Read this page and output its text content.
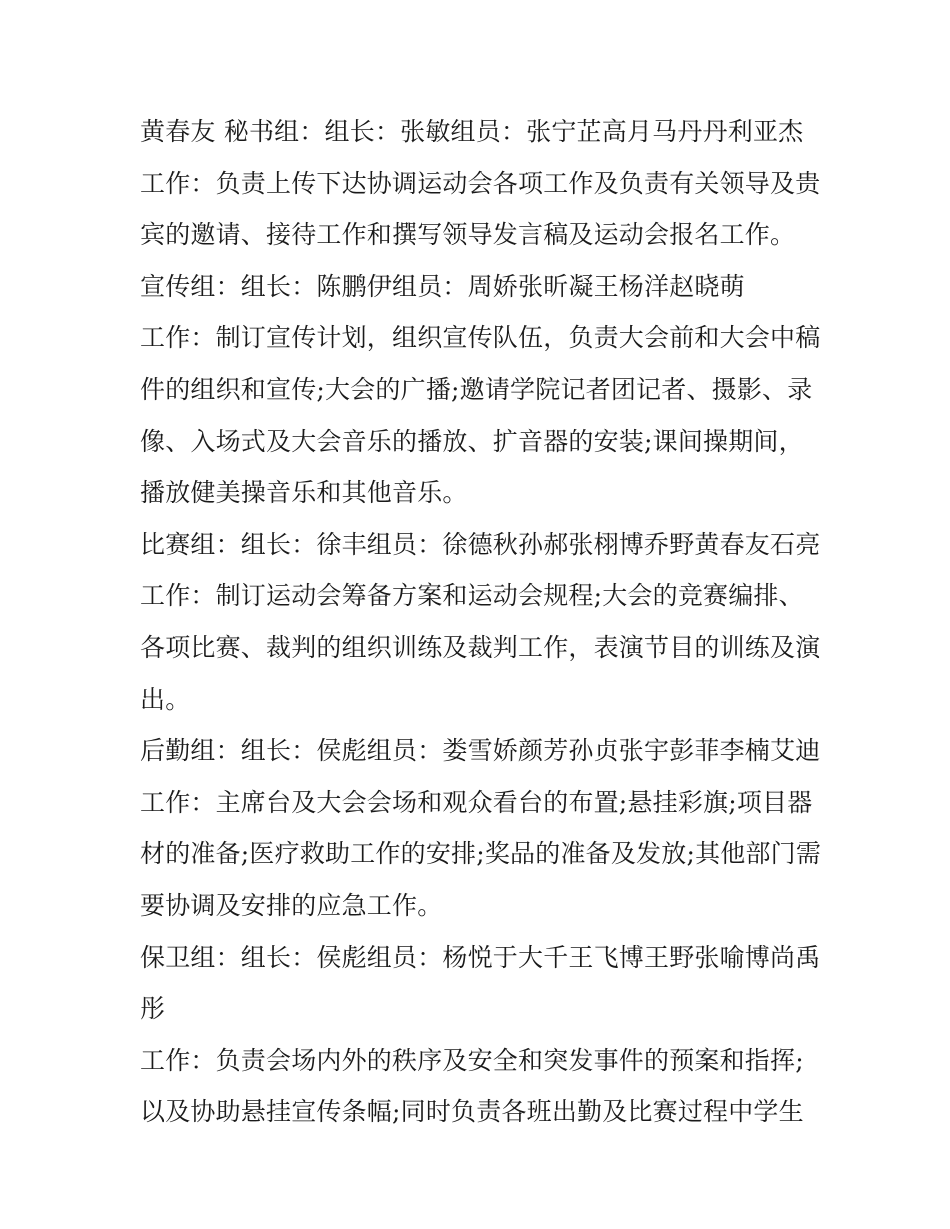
黄春友 秘书组：组长：张敏组员：张宁芷高月马丹丹利亚杰
工作：负责上传下达协调运动会各项工作及负责有关领导及贵
宾的邀请、接待工作和撰写领导发言稿及运动会报名工作。
宣传组：组长：陈鹏伊组员：周娇张昕凝王杨洋赵晓萌
工作：制订宣传计划，组织宣传队伍，负责大会前和大会中稿
件的组织和宣传;大会的广播;邀请学院记者团记者、摄影、录
像、入场式及大会音乐的播放、扩音器的安装;课间操期间，
播放健美操音乐和其他音乐。
比赛组：组长：徐丰组员：徐德秋孙郝张栩博乔野黄春友石亮
工作：制订运动会筹备方案和运动会规程;大会的竞赛编排、
各项比赛、裁判的组织训练及裁判工作，表演节目的训练及演
出。
后勤组：组长：侯彪组员：娄雪娇颜芳孙贞张宇彭菲李楠艾迪
工作：主席台及大会会场和观众看台的布置;悬挂彩旗;项目器
材的准备;医疗救助工作的安排;奖品的准备及发放;其他部门需
要协调及安排的应急工作。
保卫组：组长：侯彪组员：杨悦于大千王飞博王野张喻博尚禹
彤
工作：负责会场内外的秩序及安全和突发事件的预案和指挥;
以及协助悬挂宣传条幅;同时负责各班出勤及比赛过程中学生
